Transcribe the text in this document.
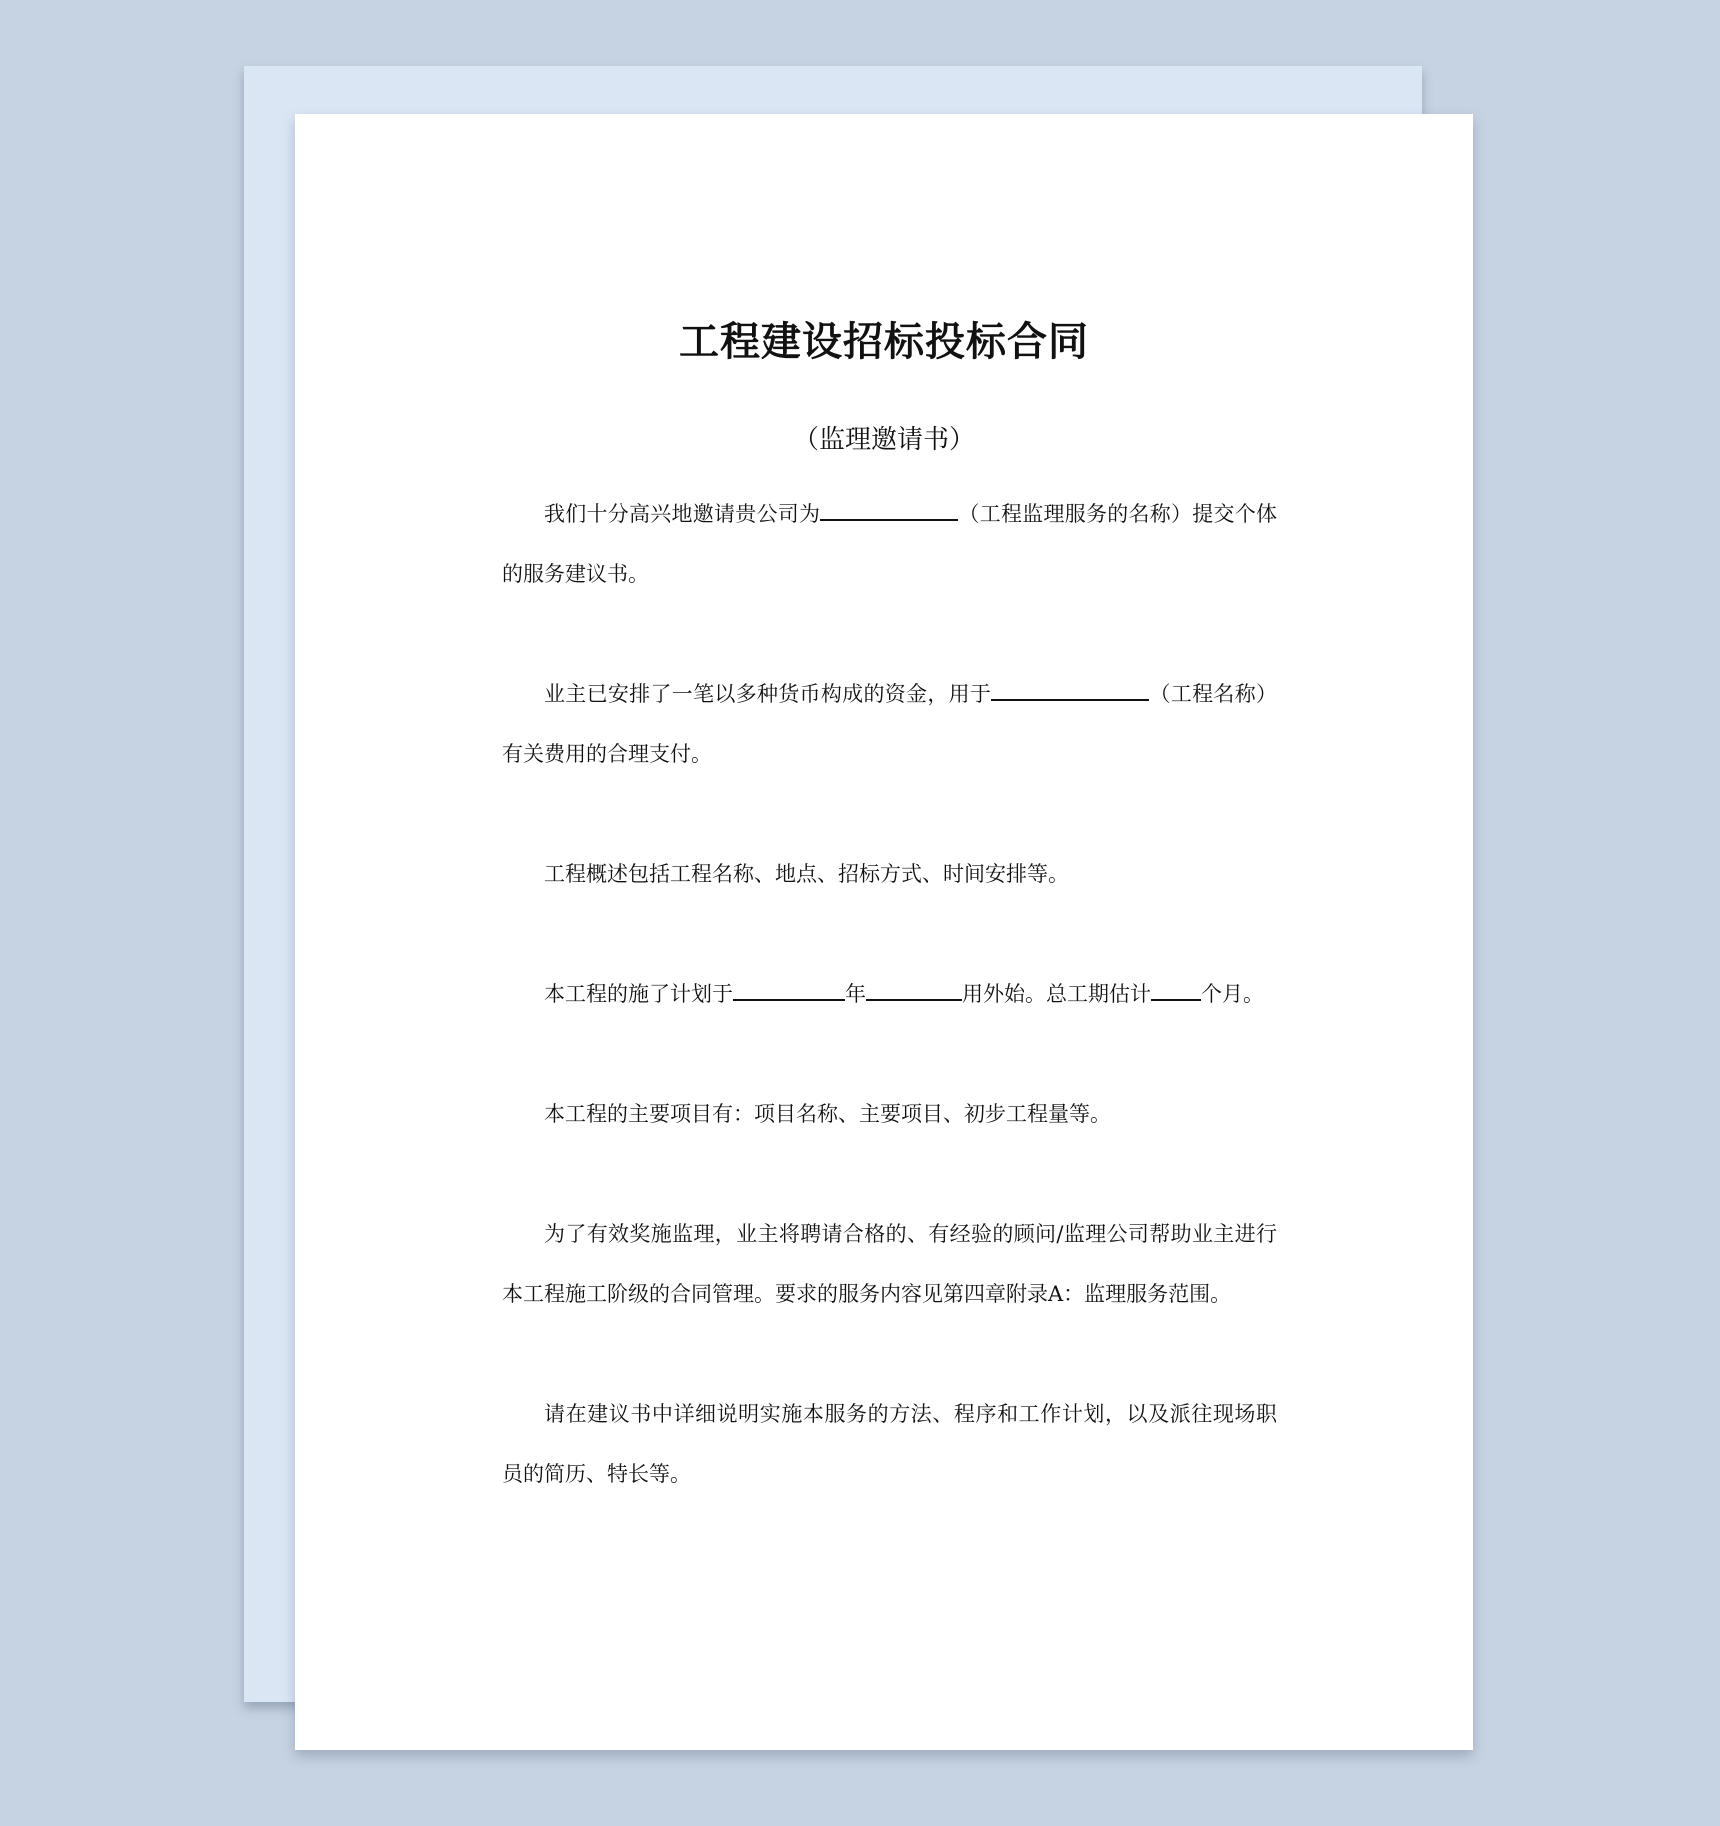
工程建设招标投标合同
（监理邀请书）

我们十分高兴地邀请贵公司为	（工程监理服务的名称）提交个体的服务建议书。

业主已安排了一笔以多种货币构成的资金，用于	（工程名称）有关费用的合理支付。

工程概述包括工程名称、地点、招标方式、时间安排等。

本工程的施了计划于	年	用外始。总工期估计 个月。

本工程的主要项目有：项目名称、主要项目、初步工程量等。

为了有效奖施监理，业主将聘请合格的、有经验的顾问/监理公司帮助业主进行本工程施工阶级的合同管理。要求的服务内容见第四章附录A：监理服务范围。

请在建议书中详细说明实施本服务的方法、程序和工作计划，以及派往现场职员的简历、特长等。
